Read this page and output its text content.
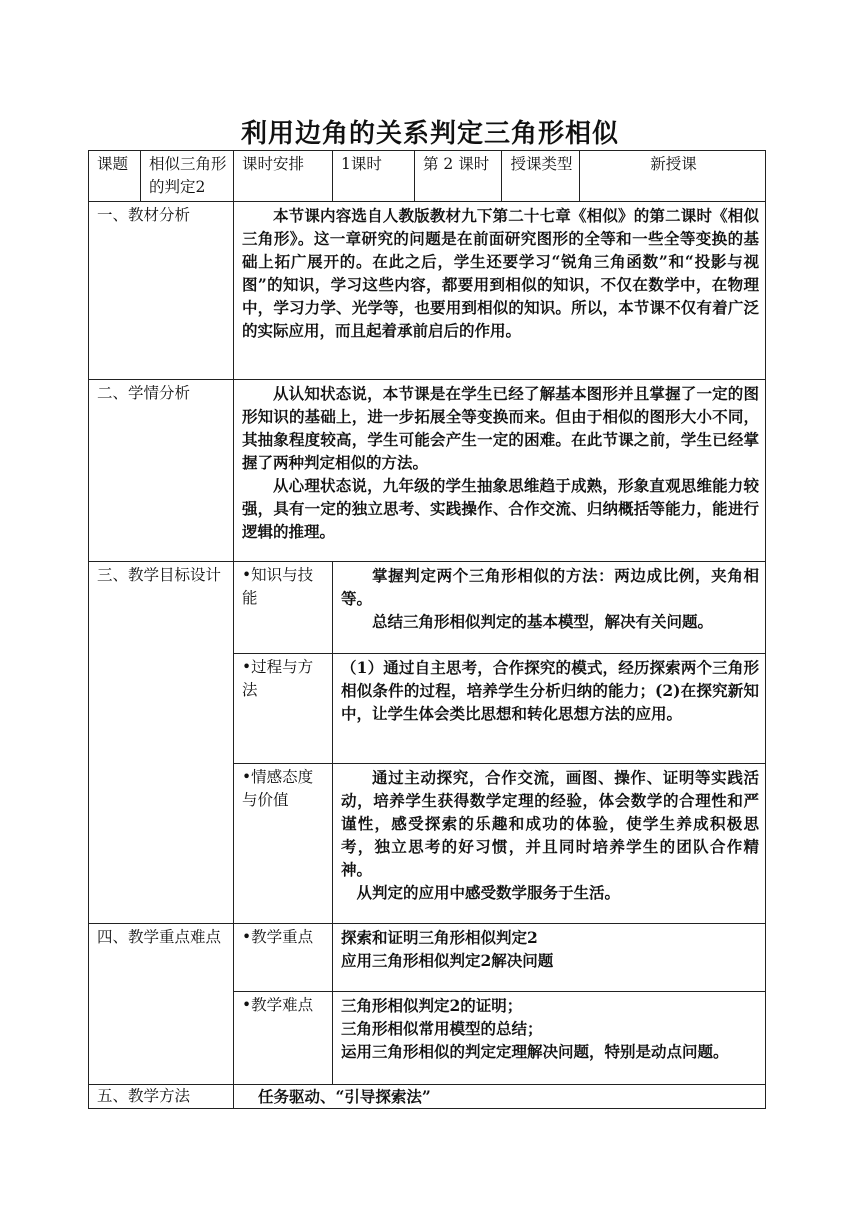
利用边角的关系判定三角形相似
课题	相似三角形的判定2	课时安排	1课时	第 2 课时	授课类型	新授课
一、教材分析		本节课内容选自人教版教材九下第二十七章《相似》的第二课时《相似三角形》。这一章研究的问题是在前面研究图形的全等和一些全等变换的基础上拓广展开的。在此之后，学生还要学习“锐角三角函数”和“投影与视图”的知识，学习这些内容，都要用到相似的知识，不仅在数学中，在物理中，学习力学、光学等，也要用到相似的知识。所以，本节课不仅有着广泛的实际应用，而且起着承前启后的作用。				

二、学情分析		从认知状态说，本节课是在学生已经了解基本图形并且掌握了一定的图形知识的基础上，进一步拓展全等变换而来。但由于相似的图形大小不同，其抽象程度较高，学生可能会产生一定的困难。在此节课之前，学生已经掌握了两种判定相似的方法。

从心理状态说，九年级的学生抽象思维趋于成熟，形象直观思维能力较强，具有一定的独立思考、实践操作、合作交流、归纳概括等能力，能进行逻辑的推理。				

三、教学目标设计		•知识与技能	掌握判定两个三角形相似的方法：两边成比例，夹角相等。

总结三角形相似判定的基本模型，解决有关问题。			

		•过程与方法	（1）通过自主思考，合作探究的模式，经历探索两个三角形相似条件的过程，培养学生分析归纳的能力；(2)在探究新知中，让学生体会类比思想和转化思想方法的应用。			

		•情感态度与价值	通过主动探究，合作交流，画图、操作、证明等实践活动，培养学生获得数学定理的经验，体会数学的合理性和严谨性，感受探索的乐趣和成功的体验，使学生养成积极思考，独立思考的好习惯，并且同时培养学生的团队合作精神。

从判定的应用中感受数学服务于生活。			

四、教学重点难点		•教学重点	探索和证明三角形相似判定2
应用三角形相似判定2解决问题			

		•教学难点	三角形相似判定2的证明；
三角形相似常用模型的总结；
运用三角形相似的判定定理解决问题，特别是动点问题。			

五、教学方法		任务驱动、“引导探索法”				
